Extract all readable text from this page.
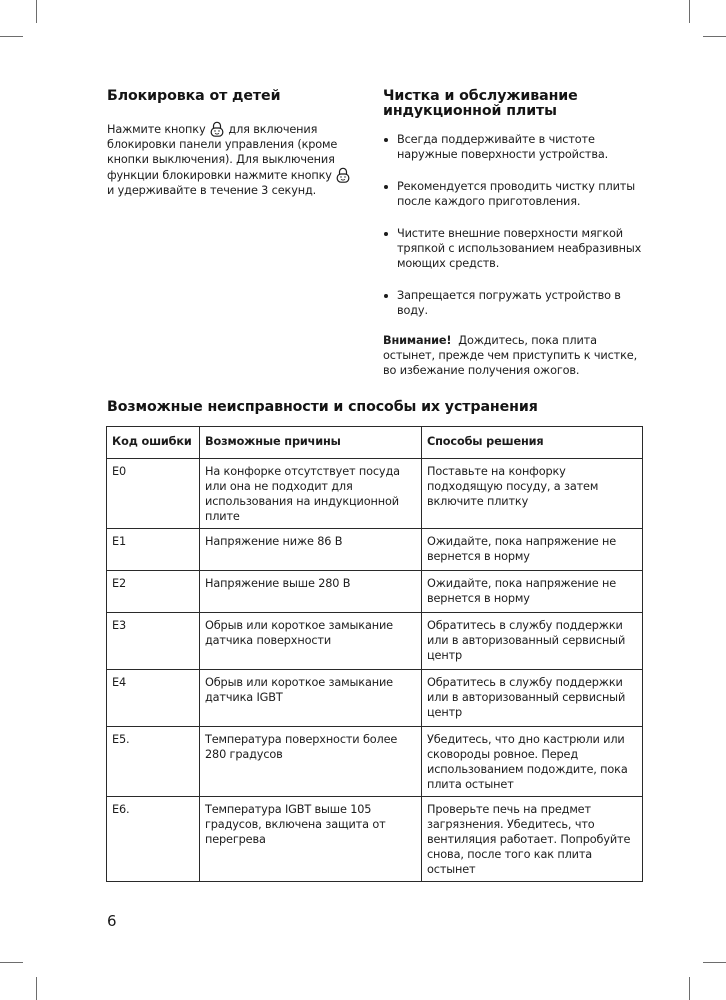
Блокировка от детей

Нажмите кнопку для включения блокировки панели управления (кроме кнопки выключения). Для выключения функции блокировки нажмите кнопку  и удерживайте в течение 3 секунд.

Чистка и обслуживание
индукционной плиты
Всегда поддерживайте в чистоте наружные поверхности устройства.
Рекомендуется проводить чистку плиты после каждого приготовления.
Чистите внешние поверхности мягкой тряпкой с использованием неабразивных моющих средств.
Запрещается погружать устройство в воду.

Внимание! Дождитесь, пока плита остынет, прежде чем приступить к чистке, во избежание получения ожогов.

Возможные неисправности и способы их устранения
Код ошибки	Возможные причины	Способы решения
E0	На конфорке отсутствует посуда или она не подходит для использования на индукционной плите	Поставьте на конфорку подходящую посуду, а затем включите плитку
E1	Напряжение ниже 86 В	Ожидайте, пока напряжение не вернется в норму
E2	Напряжение выше 280 В	Ожидайте, пока напряжение не вернется в норму
E3	Обрыв или короткое замыкание датчика поверхности	Обратитесь в службу поддержки или в авторизованный сервисный центр
E4	Обрыв или короткое замыкание датчика IGBT	Обратитесь в службу поддержки или в авторизованный сервисный центр
E5.	Температура поверхности более 280 градусов	Убедитесь, что дно кастрюли или сковороды ровное. Перед использованием подождите, пока плита остынет
E6.	Температура IGBT выше 105 градусов, включена защита от перегрева	Проверьте печь на предмет загрязнения. Убедитесь, что вентиляция работает. Попробуйте снова, после того как плита остынет
6
